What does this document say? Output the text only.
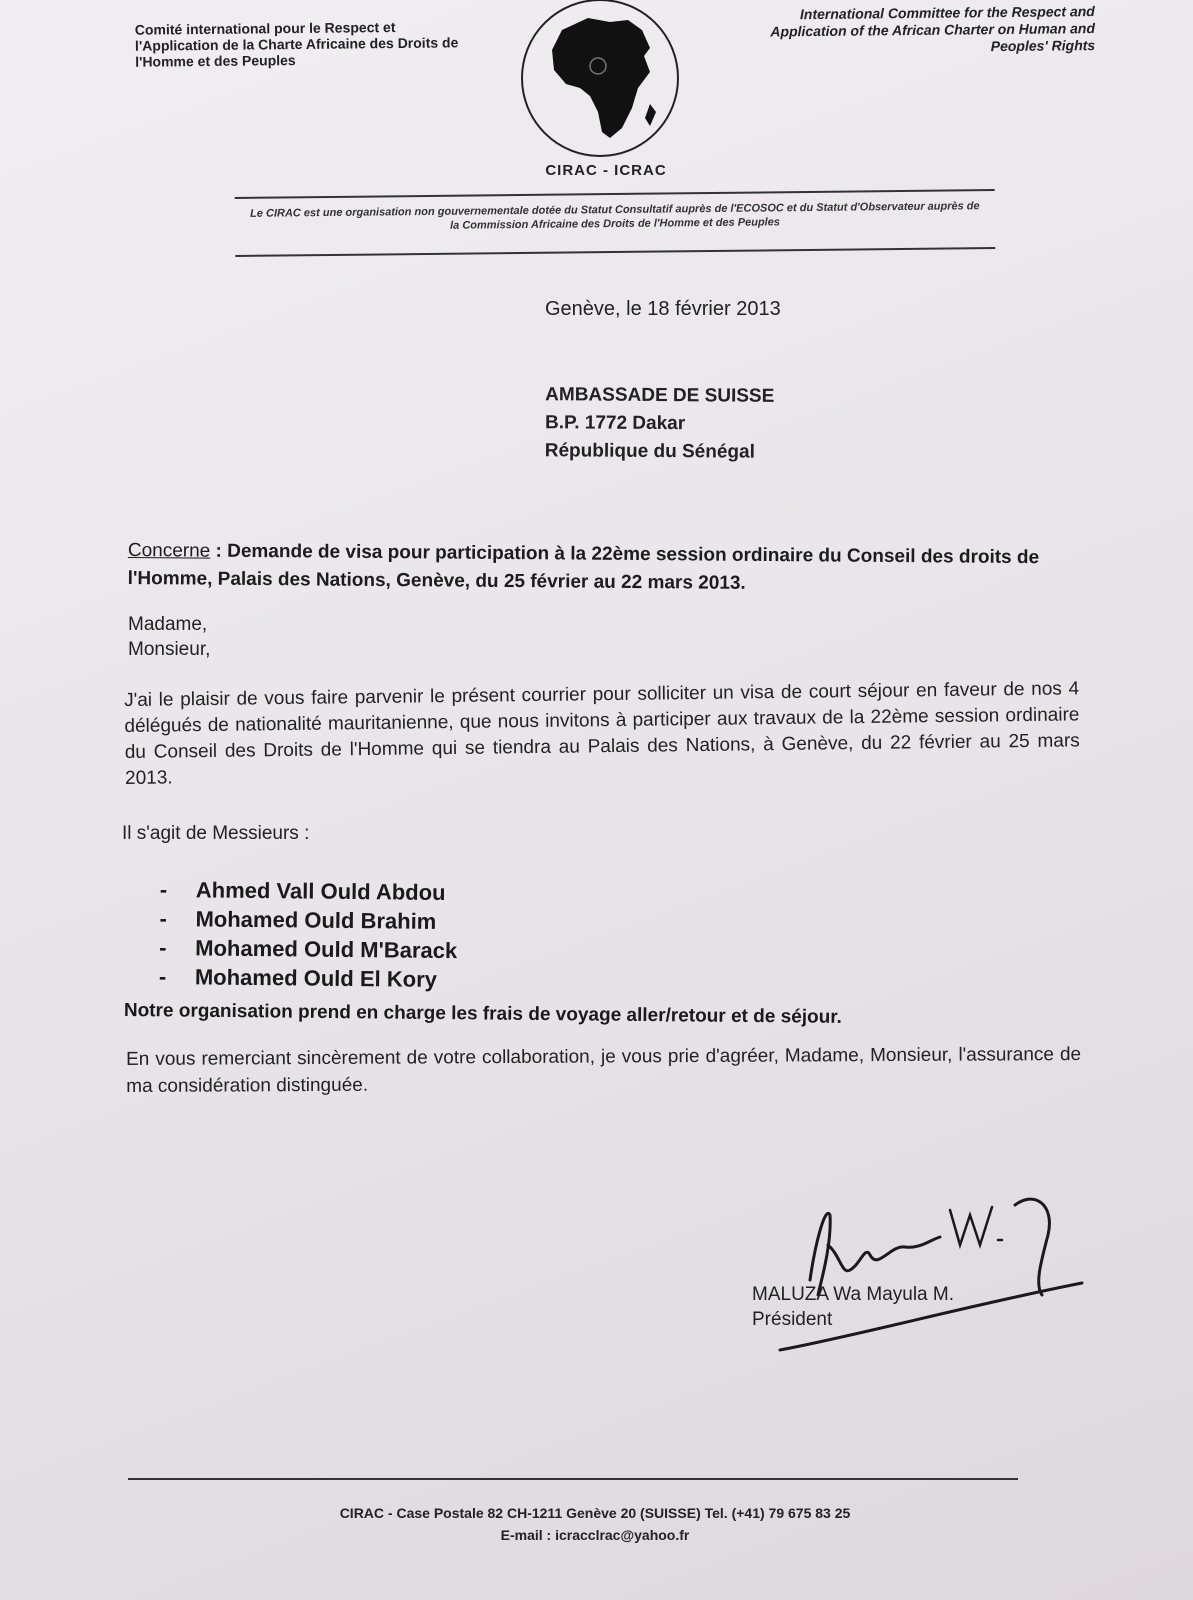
Comité international pour le Respect et l'Application de la Charte Africaine des Droits de l'Homme et des Peuples
CIRAC - ICRAC
International Committee for the Respect and Application of the African Charter on Human and Peoples' Rights
Le CIRAC est une organisation non gouvernementale dotée du Statut Consultatif auprès de l'ECOSOC et du Statut d'Observateur auprès de la Commission Africaine des Droits de l'Homme et des Peuples
Genève, le 18 février 2013
AMBASSADE DE SUISSE
B.P. 1772 Dakar
République du Sénégal
Concerne : Demande de visa pour participation à la 22ème session ordinaire du Conseil des droits de l'Homme, Palais des Nations, Genève, du 25 février au 22 mars 2013.
Madame,
Monsieur,
J'ai le plaisir de vous faire parvenir le présent courrier pour solliciter un visa de court séjour en faveur de nos 4 délégués de nationalité mauritanienne, que nous invitons à participer aux travaux de la 22ème session ordinaire du Conseil des Droits de l'Homme qui se tiendra au Palais des Nations, à Genève, du 22 février au 25 mars 2013.
Il s'agit de Messieurs :
- Ahmed Vall Ould Abdou
- Mohamed Ould Brahim
- Mohamed Ould M'Barack
- Mohamed Ould El Kory
Notre organisation prend en charge les frais de voyage aller/retour et de séjour.
En vous remerciant sincèrement de votre collaboration, je vous prie d'agréer, Madame, Monsieur, l'assurance de ma considération distinguée.
MALUZA Wa Mayula M.
Président
CIRAC - Case Postale 82 CH-1211 Genève 20 (SUISSE) Tel. (+41) 79 675 83 25
E-mail : icracclrac@yahoo.fr
